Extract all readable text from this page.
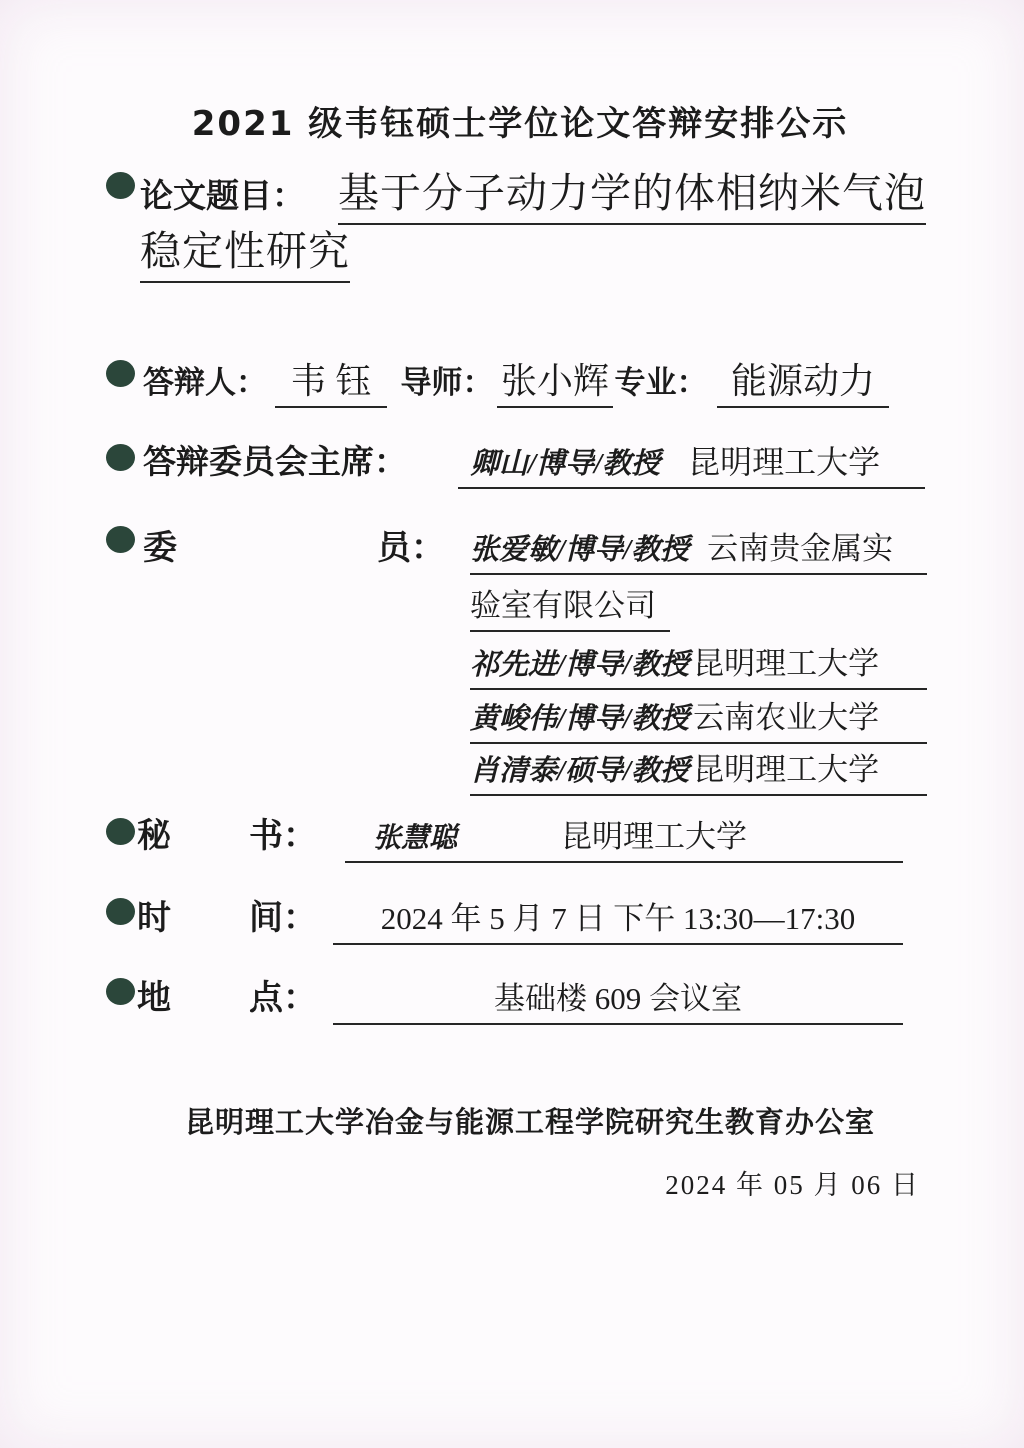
2021 级韦钰硕士学位论文答辩安排公示
论文题目： 基于分子动力学的体相纳米气泡
稳定性研究
答辩人： 韦 钰 导师： 张小辉 专业： 能源动力
答辩委员会主席：	卿山/博导/教授 昆明理工大学
委	员： 张爱敏/博导/教授 云南贵金属实
验室有限公司
祁先进/博导/教授 昆明理工大学
黄峻伟/博导/教授 云南农业大学
肖清泰/硕导/教授 昆明理工大学
秘 书：	张慧聪	昆明理工大学
时 间：	2024 年 5 月 7 日 下午 13:30—17:30
地 点：	基础楼 609 会议室
昆明理工大学冶金与能源工程学院研究生教育办公室
2024 年 05 月 06 日
